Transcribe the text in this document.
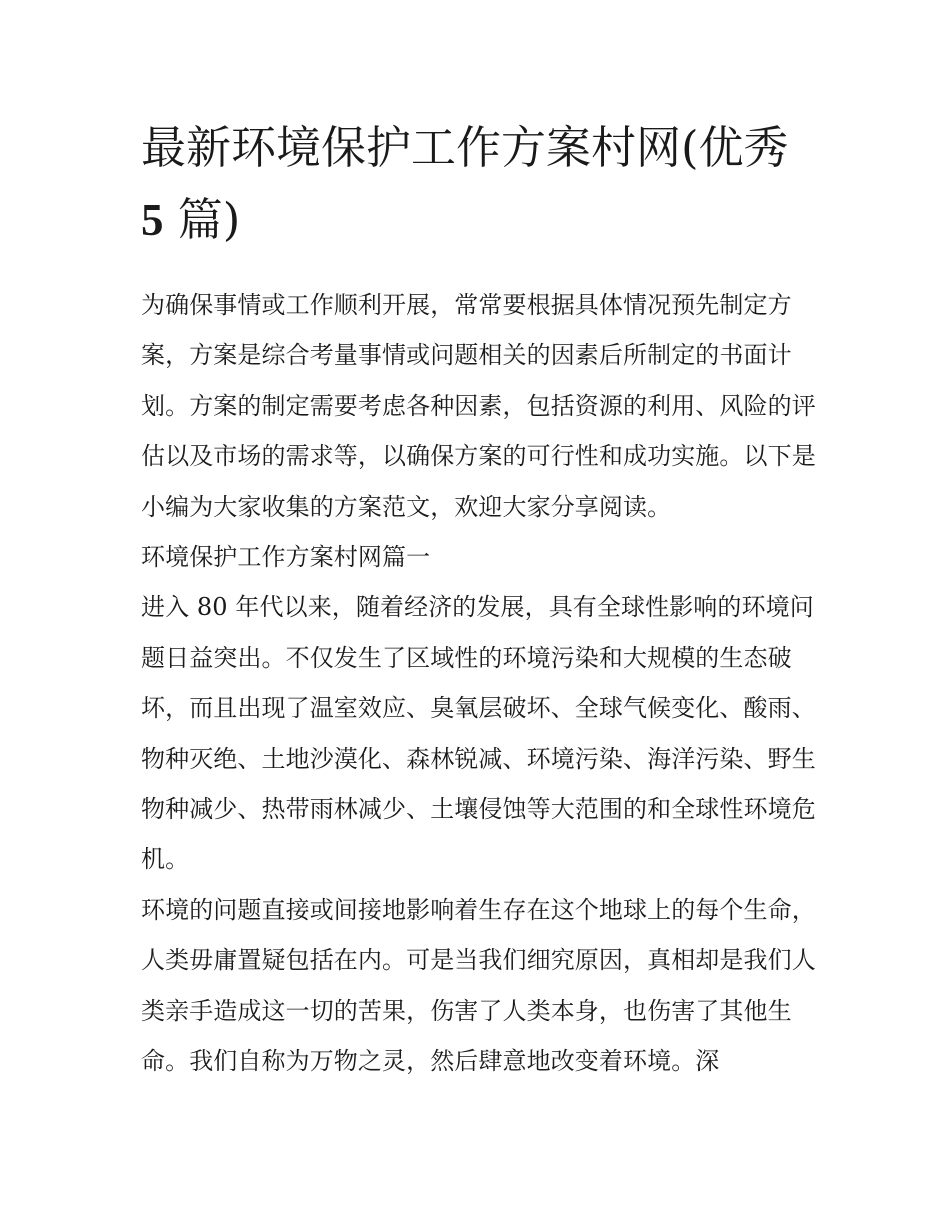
最新环境保护工作方案村网(优秀 5 篇)

为确保事情或工作顺利开展，常常要根据具体情况预先制定方案，方案是综合考量事情或问题相关的因素后所制定的书面计划。方案的制定需要考虑各种因素，包括资源的利用、风险的评估以及市场的需求等，以确保方案的可行性和成功实施。以下是小编为大家收集的方案范文，欢迎大家分享阅读。

环境保护工作方案村网篇一

进入 80 年代以来，随着经济的发展，具有全球性影响的环境问题日益突出。不仅发生了区域性的环境污染和大规模的生态破坏，而且出现了温室效应、臭氧层破坏、全球气候变化、酸雨、物种灭绝、土地沙漠化、森林锐减、环境污染、海洋污染、野生物种减少、热带雨林减少、土壤侵蚀等大范围的和全球性环境危机。

环境的问题直接或间接地影响着生存在这个地球上的每个生命，人类毋庸置疑包括在内。可是当我们细究原因，真相却是我们人类亲手造成这一切的苦果，伤害了人类本身，也伤害了其他生命。我们自称为万物之灵，然后肆意地改变着环境。深
